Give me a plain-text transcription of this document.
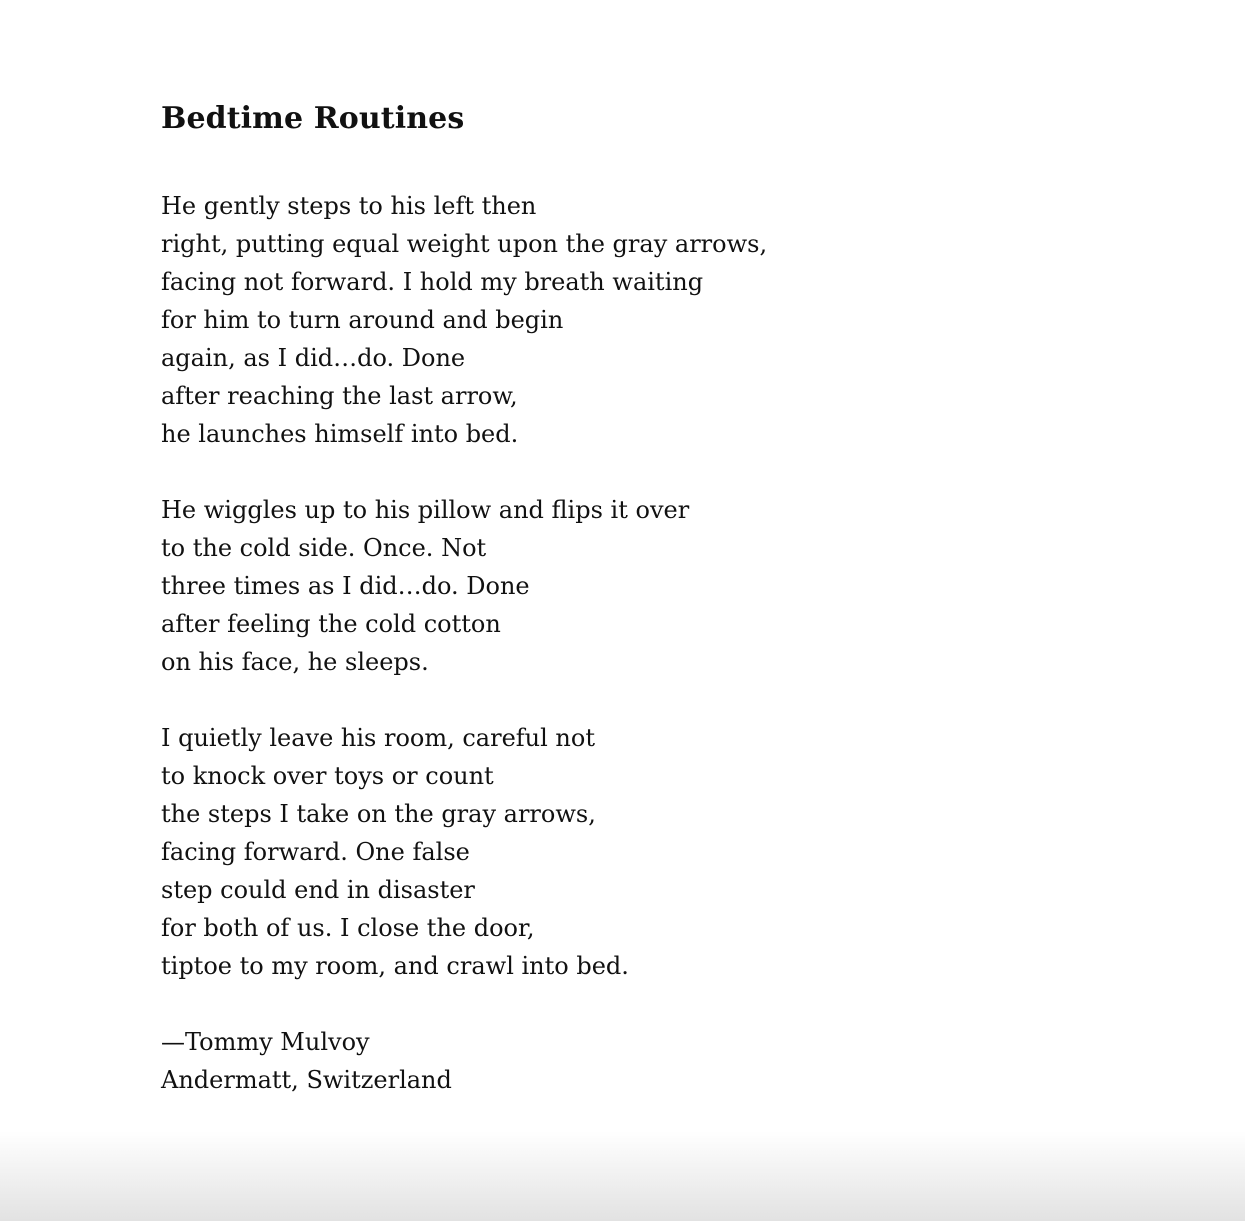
Bedtime Routines
He gently steps to his left then
right, putting equal weight upon the gray arrows,
facing not forward. I hold my breath waiting
for him to turn around and begin
again, as I did…do. Done
after reaching the last arrow,
he launches himself into bed.
He wiggles up to his pillow and flips it over
to the cold side. Once. Not
three times as I did…do. Done
after feeling the cold cotton
on his face, he sleeps.
I quietly leave his room, careful not
to knock over toys or count
the steps I take on the gray arrows,
facing forward. One false
step could end in disaster
for both of us. I close the door,
tiptoe to my room, and crawl into bed.
—Tommy Mulvoy
Andermatt, Switzerland
